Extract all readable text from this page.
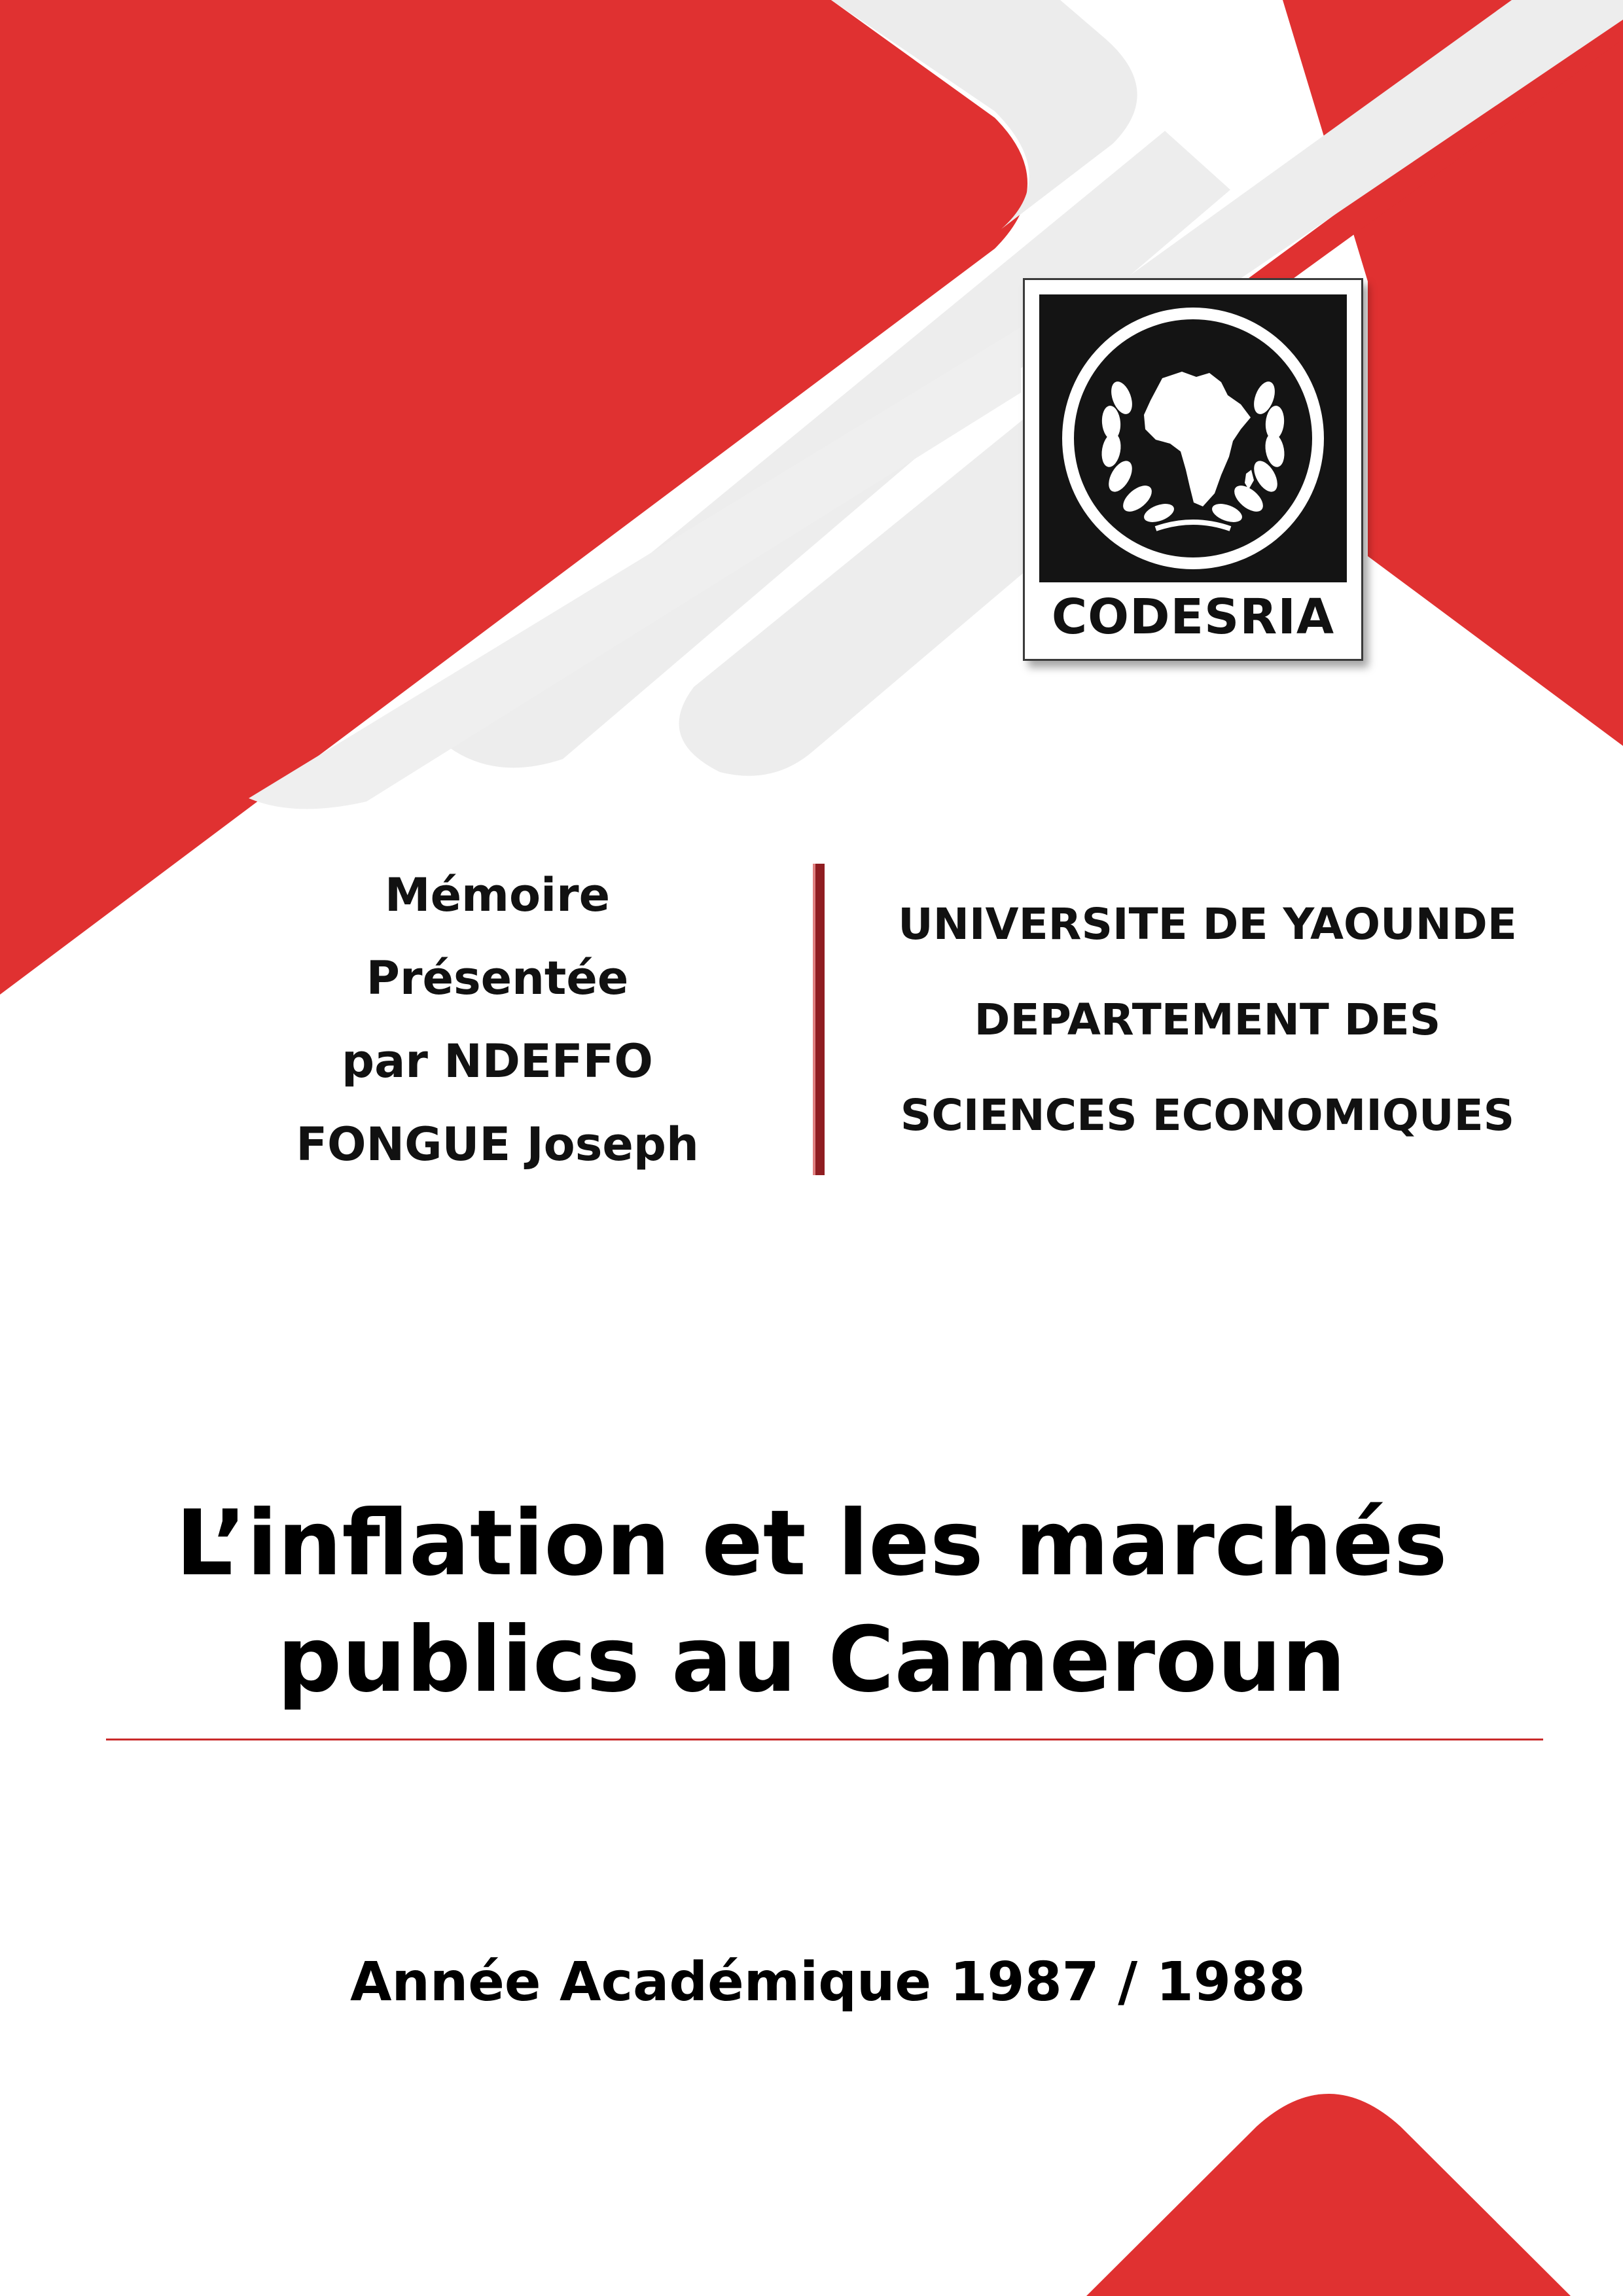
CODESRIA
Mémoire
Présentée
par NDEFFO
FONGUE Joseph
UNIVERSITE DE YAOUNDE
DEPARTEMENT DES
SCIENCES ECONOMIQUES
L’inflation et les marchés
publics au Cameroun
Année Académique 1987 / 1988
